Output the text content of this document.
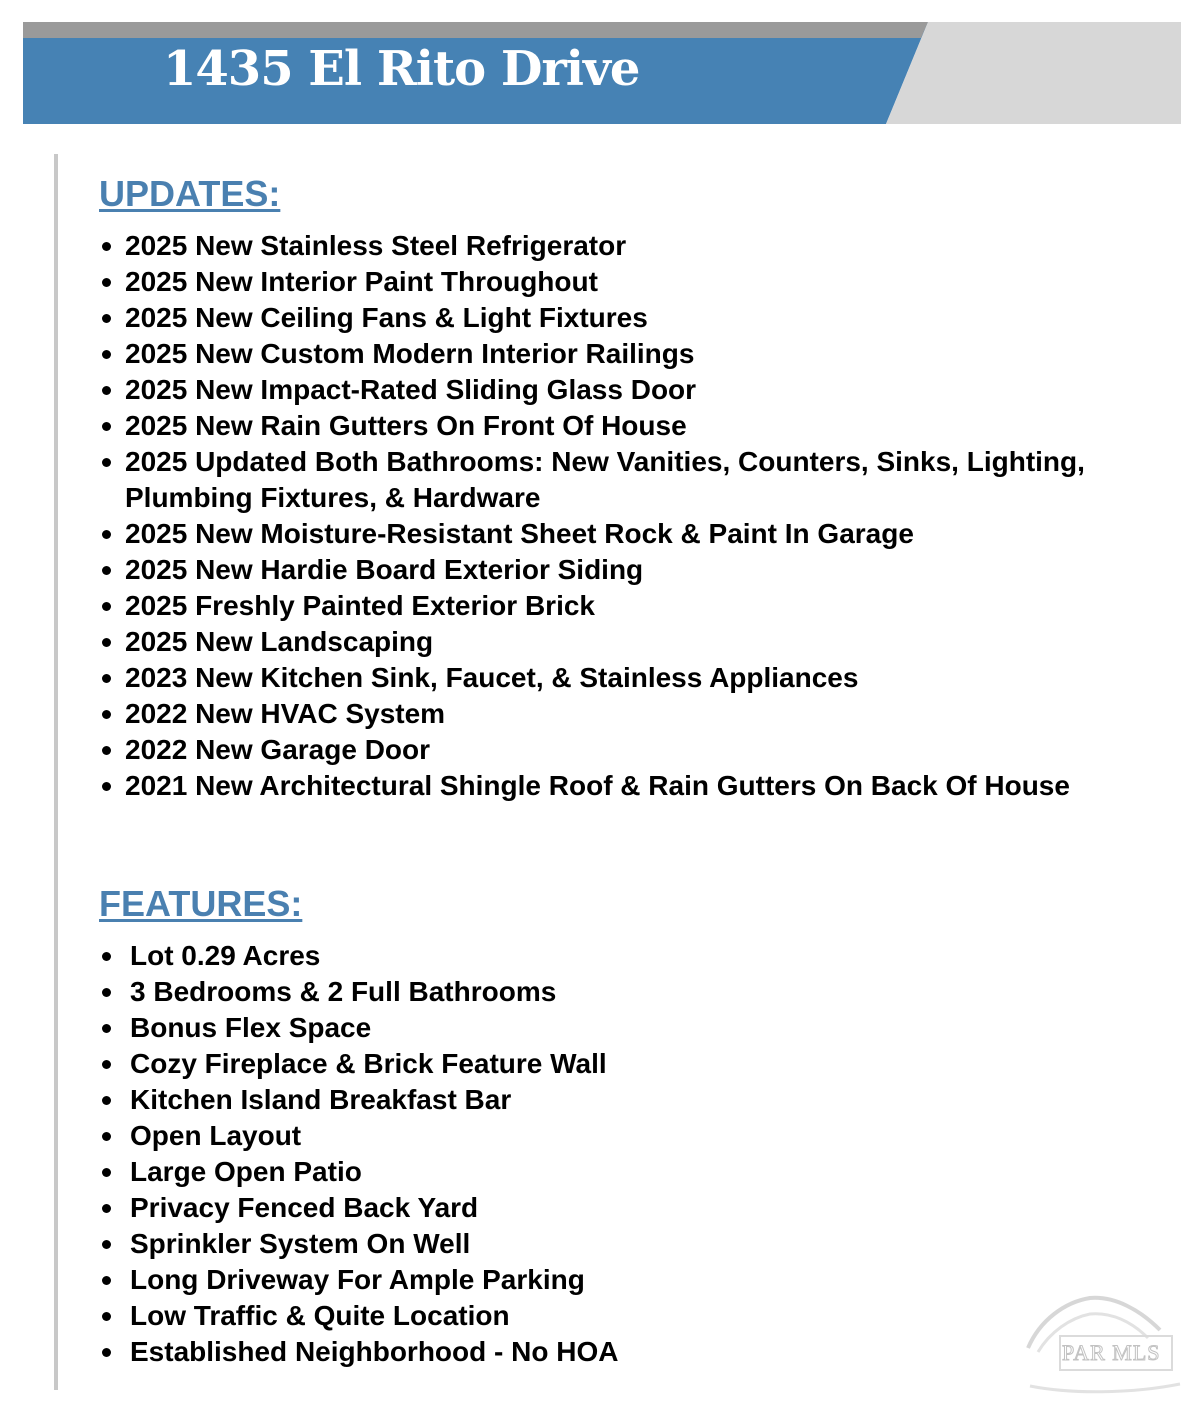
1435 El Rito Drive
UPDATES:
2025 New Stainless Steel Refrigerator
2025 New Interior Paint Throughout
2025 New Ceiling Fans & Light Fixtures
2025 New Custom Modern Interior Railings
2025 New Impact-Rated Sliding Glass Door
2025 New Rain Gutters On Front Of House
2025 Updated Both Bathrooms: New Vanities, Counters, Sinks, Lighting, Plumbing Fixtures, & Hardware
2025 New Moisture-Resistant Sheet Rock & Paint In Garage
2025 New Hardie Board Exterior Siding
2025 Freshly Painted Exterior Brick
2025 New Landscaping
2023 New Kitchen Sink, Faucet, & Stainless Appliances
2022 New HVAC System
2022 New Garage Door
2021 New Architectural Shingle Roof & Rain Gutters On Back Of House
FEATURES:
Lot 0.29 Acres
3 Bedrooms & 2 Full Bathrooms
Bonus Flex Space
Cozy Fireplace & Brick Feature Wall
Kitchen Island Breakfast Bar
Open Layout
Large Open Patio
Privacy Fenced Back Yard
Sprinkler System On Well
Long Driveway For Ample Parking
Low Traffic & Quite Location
Established Neighborhood - No HOA	PAR MLS
